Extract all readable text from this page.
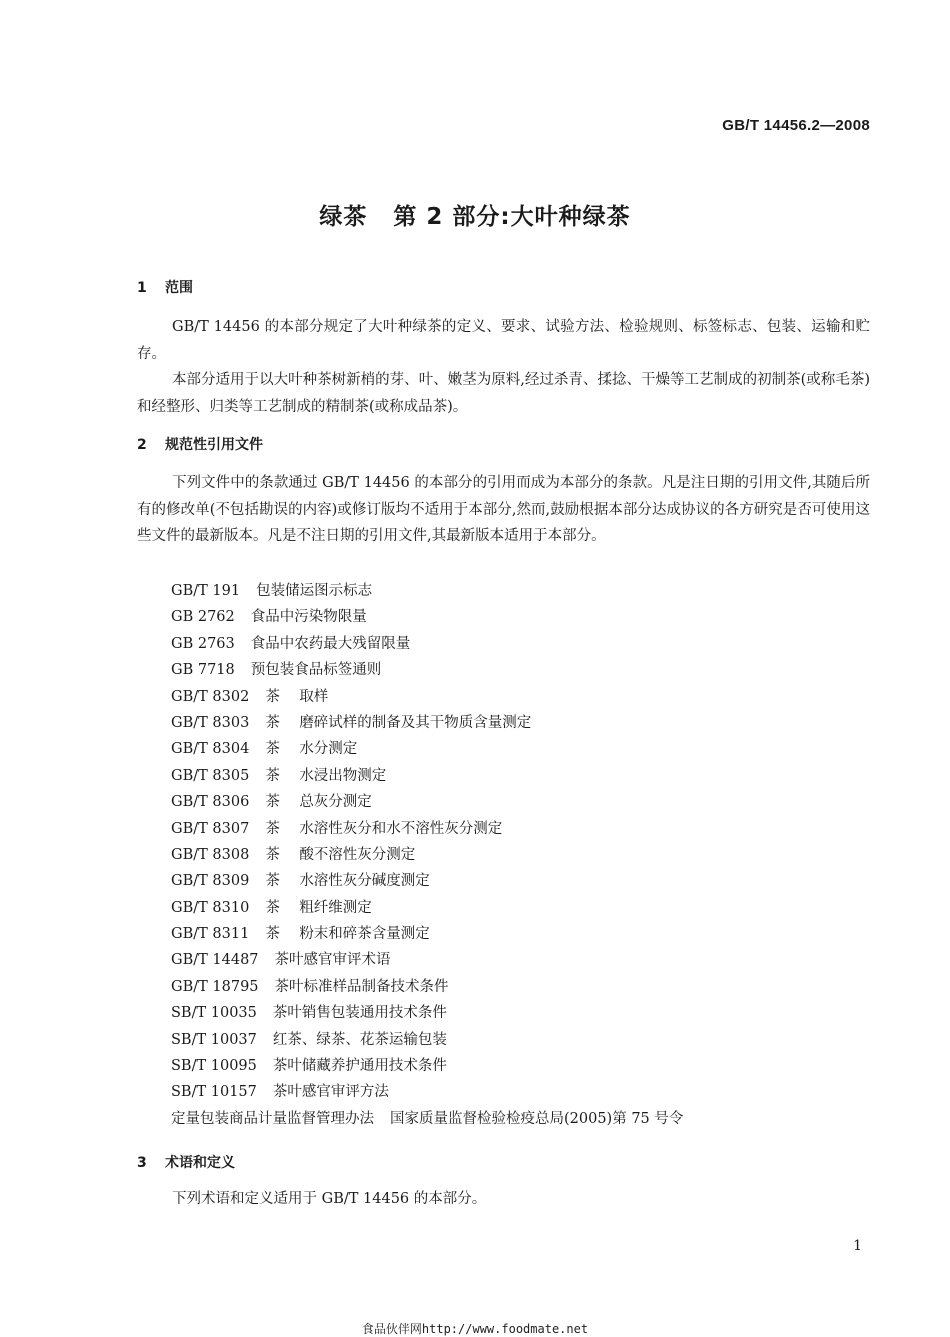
GB/T 14456.2—2008
绿茶 第 2 部分:大叶种绿茶
1 范围

GB/T 14456 的本部分规定了大叶种绿茶的定义、要求、试验方法、检验规则、标签标志、包装、运输和贮存。

本部分适用于以大叶种茶树新梢的芽、叶、嫩茎为原料,经过杀青、揉捻、干燥等工艺制成的初制茶(或称毛茶)和经整形、归类等工艺制成的精制茶(或称成品茶)。

2 规范性引用文件

下列文件中的条款通过 GB/T 14456 的本部分的引用而成为本部分的条款。凡是注日期的引用文件,其随后所有的修改单(不包括勘误的内容)或修订版均不适用于本部分,然而,鼓励根据本部分达成协议的各方研究是否可使用这些文件的最新版本。凡是不注日期的引用文件,其最新版本适用于本部分。

GB/T 191 包装储运图示标志
GB 2762 食品中污染物限量
GB 2763 食品中农药最大残留限量
GB 7718 预包装食品标签通则
GB/T 8302 茶 取样
GB/T 8303 茶 磨碎试样的制备及其干物质含量测定
GB/T 8304 茶 水分测定
GB/T 8305 茶 水浸出物测定
GB/T 8306 茶 总灰分测定
GB/T 8307 茶 水溶性灰分和水不溶性灰分测定
GB/T 8308 茶 酸不溶性灰分测定
GB/T 8309 茶 水溶性灰分碱度测定
GB/T 8310 茶 粗纤维测定
GB/T 8311 茶 粉末和碎茶含量测定
GB/T 14487 茶叶感官审评术语
GB/T 18795 茶叶标准样品制备技术条件
SB/T 10035 茶叶销售包装通用技术条件
SB/T 10037 红茶、绿茶、花茶运输包装
SB/T 10095 茶叶储藏养护通用技术条件
SB/T 10157 茶叶感官审评方法
定量包装商品计量监督管理办法 国家质量监督检验检疫总局(2005)第 75 号令
3 术语和定义

下列术语和定义适用于 GB/T 14456 的本部分。

1
食品伙伴网http://www.foodmate.net
